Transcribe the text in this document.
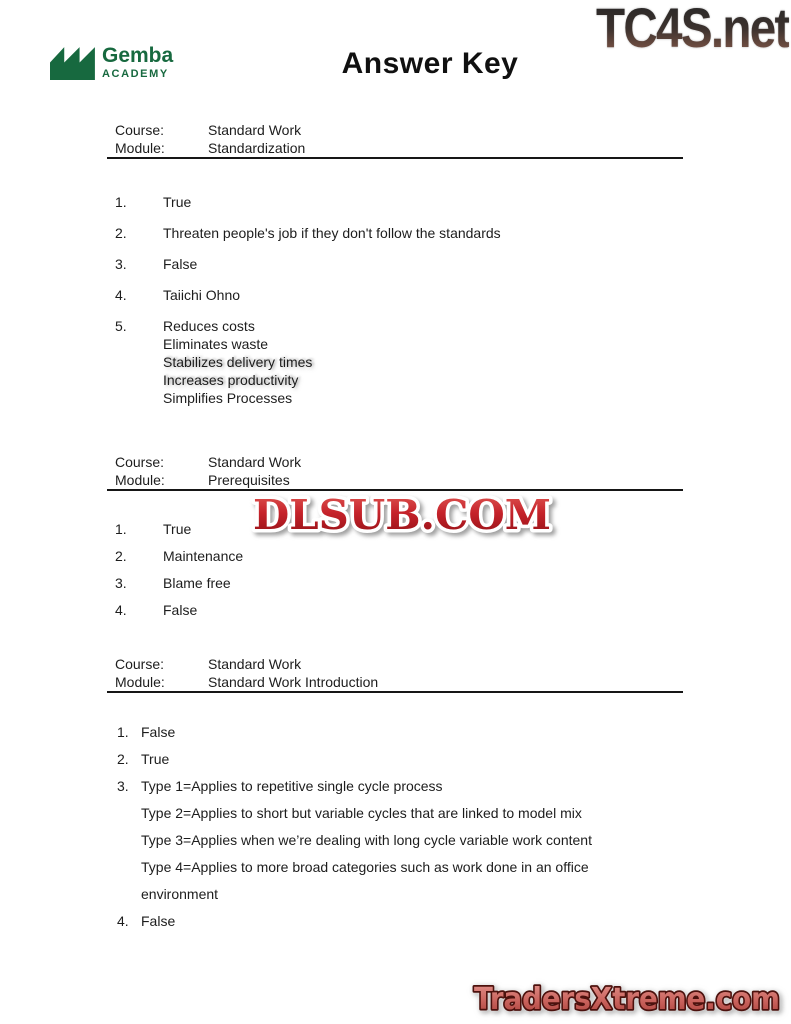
TC4S.net
Gemba
ACADEMY	Answer Key
Course:	Standard Work
Module:	Standardization
1.	True
2.	Threaten people's job if they don't follow the standards
3.	False
4.	Taiichi Ohno
5.	Reduces costs
Eliminates waste
Stabilizes delivery times
Increases productivity
Simplifies Processes
Course:	Standard Work
Module:	Prerequisites
1.	True
2.	Maintenance
3.	Blame free
4.	False
Course:	Standard Work
Module:	Standard Work Introduction
1. False
2. True
3. Type 1=Applies to repetitive single cycle process
Type 2=Applies to short but variable cycles that are linked to model mix
Type 3=Applies when we’re dealing with long cycle variable work content
Type 4=Applies to more broad categories such as work done in an office
environment
4. False
DLSUB.COM
TradersXtreme.com
